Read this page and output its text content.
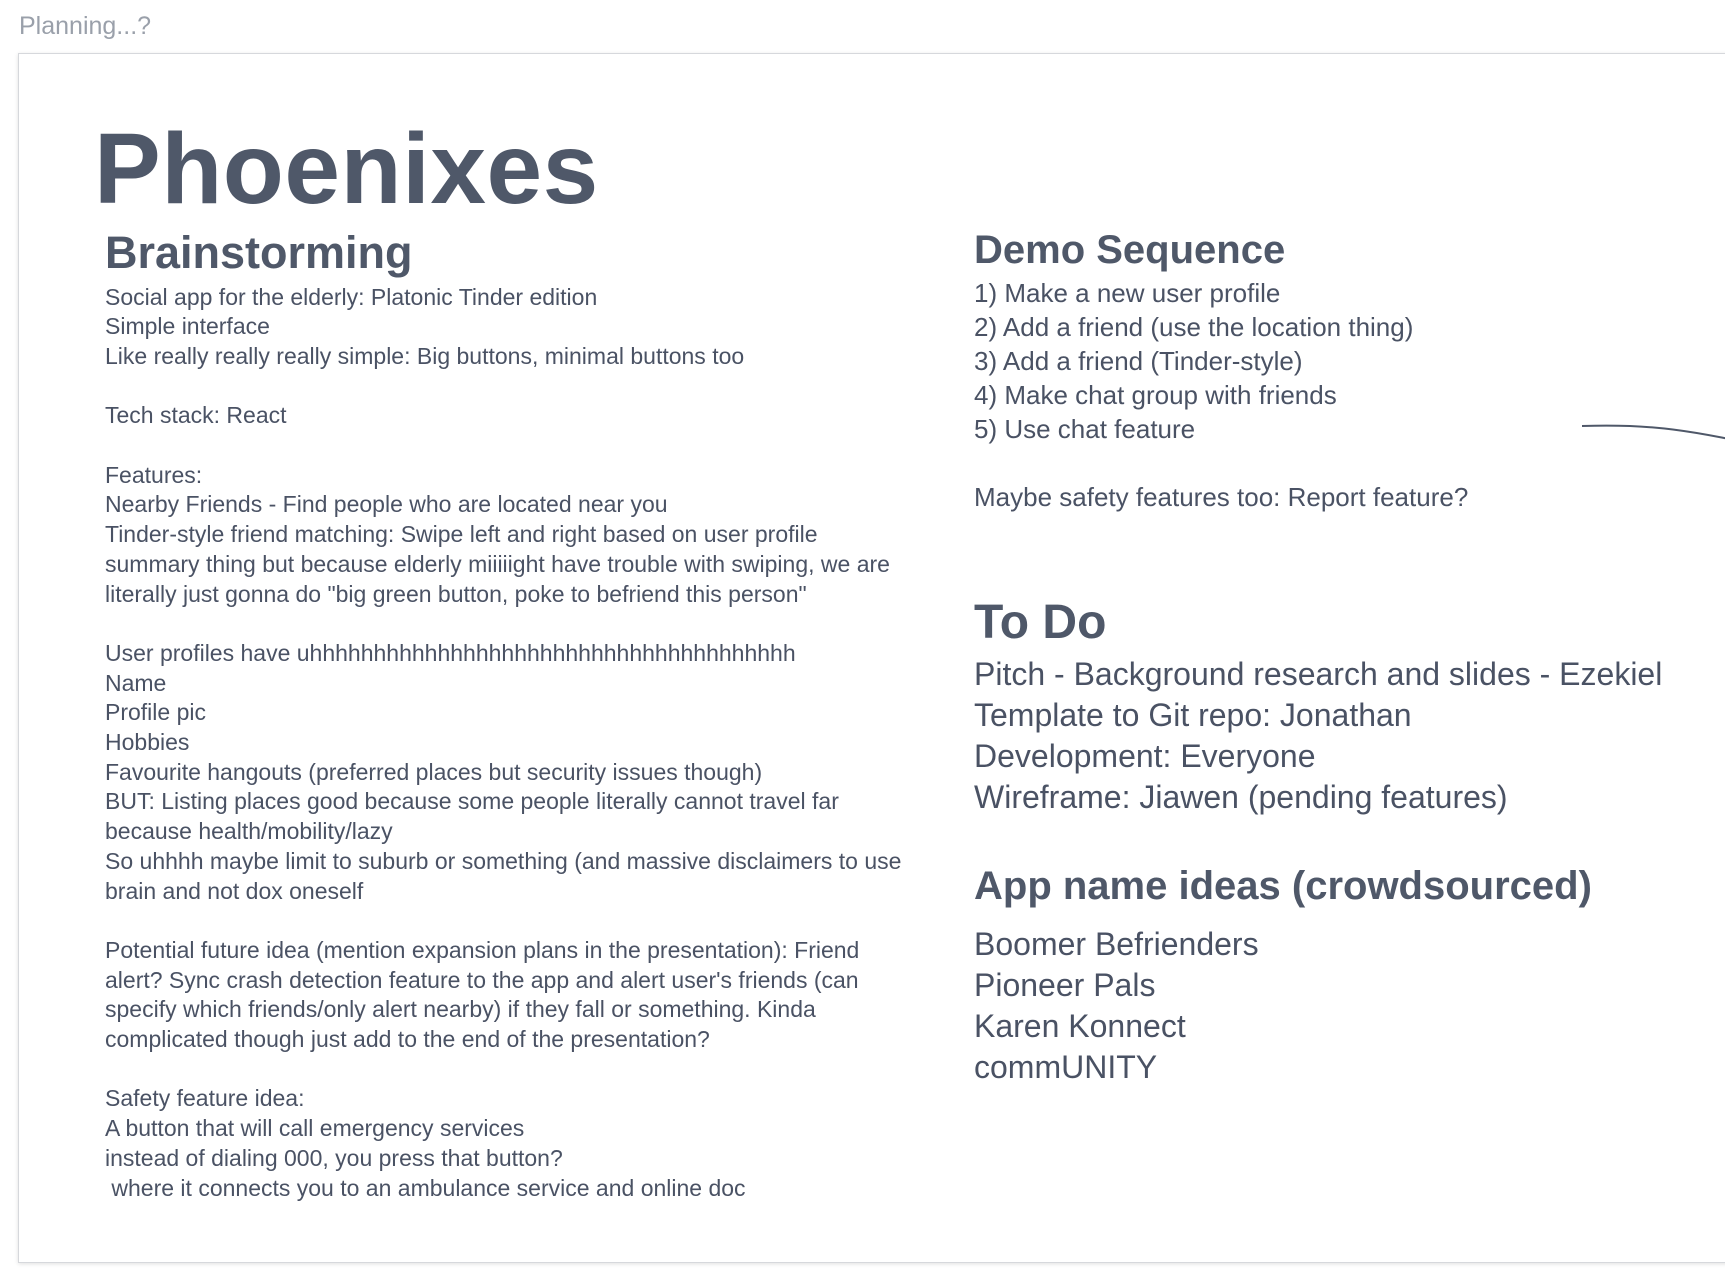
Planning...?
Phoenixes
Brainstorming
Social app for the elderly: Platonic Tinder edition
Simple interface
Like really really really simple: Big buttons, minimal buttons too
Tech stack: React
Features:
Nearby Friends - Find people who are located near you
Tinder-style friend matching: Swipe left and right based on user profile
summary thing but because elderly miiiiight have trouble with swiping, we are
literally just gonna do "big green button, poke to befriend this person"
User profiles have uhhhhhhhhhhhhhhhhhhhhhhhhhhhhhhhhhhhhhh
Name
Profile pic
Hobbies
Favourite hangouts (preferred places but security issues though)
BUT: Listing places good because some people literally cannot travel far
because health/mobility/lazy
So uhhhh maybe limit to suburb or something (and massive disclaimers to use
brain and not dox oneself
Potential future idea (mention expansion plans in the presentation): Friend
alert? Sync crash detection feature to the app and alert user's friends (can
specify which friends/only alert nearby) if they fall or something. Kinda
complicated though just add to the end of the presentation?
Safety feature idea:
A button that will call emergency services
instead of dialing 000, you press that button?
where it connects you to an ambulance service and online doc
Demo Sequence
1) Make a new user profile
2) Add a friend (use the location thing)
3) Add a friend (Tinder-style)
4) Make chat group with friends
5) Use chat feature
Maybe safety features too: Report feature?
To Do
Pitch - Background research and slides - Ezekiel
Template to Git repo: Jonathan
Development: Everyone
Wireframe: Jiawen (pending features)
App name ideas (crowdsourced)
Boomer Befrienders
Pioneer Pals
Karen Konnect
commUNITY
